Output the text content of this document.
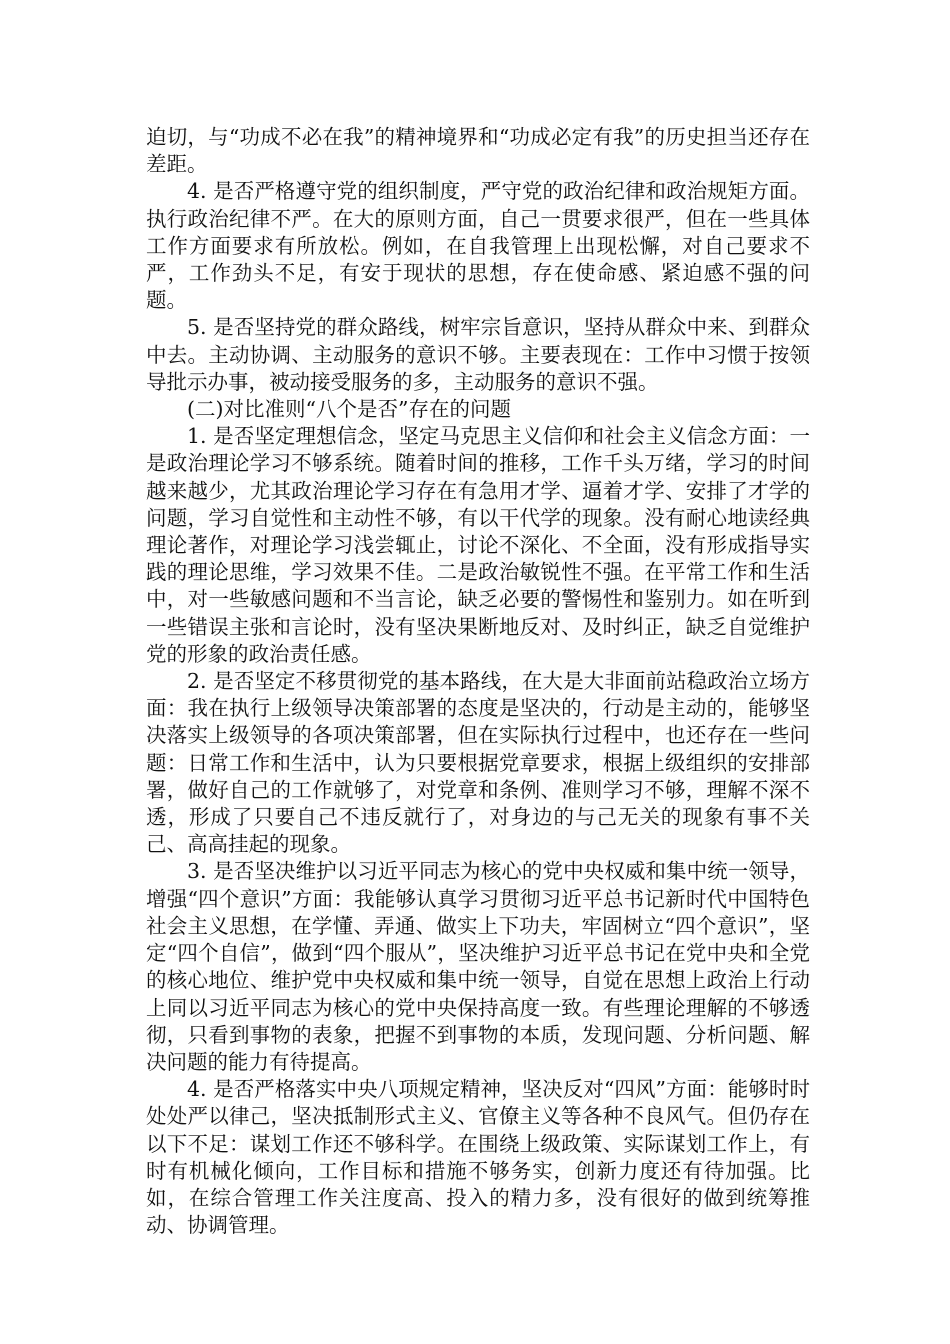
迫切，与“功成不必在我”的精神境界和“功成必定有我”的历史担当还存在差距。

4. 是否严格遵守党的组织制度，严守党的政治纪律和政治规矩方面。执行政治纪律不严。在大的原则方面，自己一贯要求很严，但在一些具体工作方面要求有所放松。例如，在自我管理上出现松懈，对自己要求不严，工作劲头不足，有安于现状的思想，存在使命感、紧迫感不强的问题。

5. 是否坚持党的群众路线，树牢宗旨意识，坚持从群众中来、到群众中去。主动协调、主动服务的意识不够。主要表现在：工作中习惯于按领导批示办事，被动接受服务的多，主动服务的意识不强。

(二)对比准则“八个是否”存在的问题

1. 是否坚定理想信念，坚定马克思主义信仰和社会主义信念方面：一是政治理论学习不够系统。随着时间的推移，工作千头万绪，学习的时间越来越少，尤其政治理论学习存在有急用才学、逼着才学、安排了才学的问题，学习自觉性和主动性不够，有以干代学的现象。没有耐心地读经典理论著作，对理论学习浅尝辄止，讨论不深化、不全面，没有形成指导实践的理论思维，学习效果不佳。二是政治敏锐性不强。在平常工作和生活中，对一些敏感问题和不当言论，缺乏必要的警惕性和鉴别力。如在听到一些错误主张和言论时，没有坚决果断地反对、及时纠正，缺乏自觉维护党的形象的政治责任感。

2. 是否坚定不移贯彻党的基本路线，在大是大非面前站稳政治立场方面：我在执行上级领导决策部署的态度是坚决的，行动是主动的，能够坚决落实上级领导的各项决策部署，但在实际执行过程中，也还存在一些问题：日常工作和生活中，认为只要根据党章要求，根据上级组织的安排部署，做好自己的工作就够了，对党章和条例、准则学习不够，理解不深不透，形成了只要自己不违反就行了，对身边的与己无关的现象有事不关己、高高挂起的现象。

3. 是否坚决维护以习近平同志为核心的党中央权威和集中统一领导，增强“四个意识”方面：我能够认真学习贯彻习近平总书记新时代中国特色社会主义思想，在学懂、弄通、做实上下功夫，牢固树立“四个意识”，坚定“四个自信”，做到“四个服从”，坚决维护习近平总书记在党中央和全党的核心地位、维护党中央权威和集中统一领导，自觉在思想上政治上行动上同以习近平同志为核心的党中央保持高度一致。有些理论理解的不够透彻，只看到事物的表象，把握不到事物的本质，发现问题、分析问题、解决问题的能力有待提高。

4. 是否严格落实中央八项规定精神，坚决反对“四风”方面：能够时时处处严以律己，坚决抵制形式主义、官僚主义等各种不良风气。但仍存在以下不足：谋划工作还不够科学。在围绕上级政策、实际谋划工作上，有时有机械化倾向，工作目标和措施不够务实，创新力度还有待加强。比如，在综合管理工作关注度高、投入的精力多，没有很好的做到统筹推动、协调管理。
